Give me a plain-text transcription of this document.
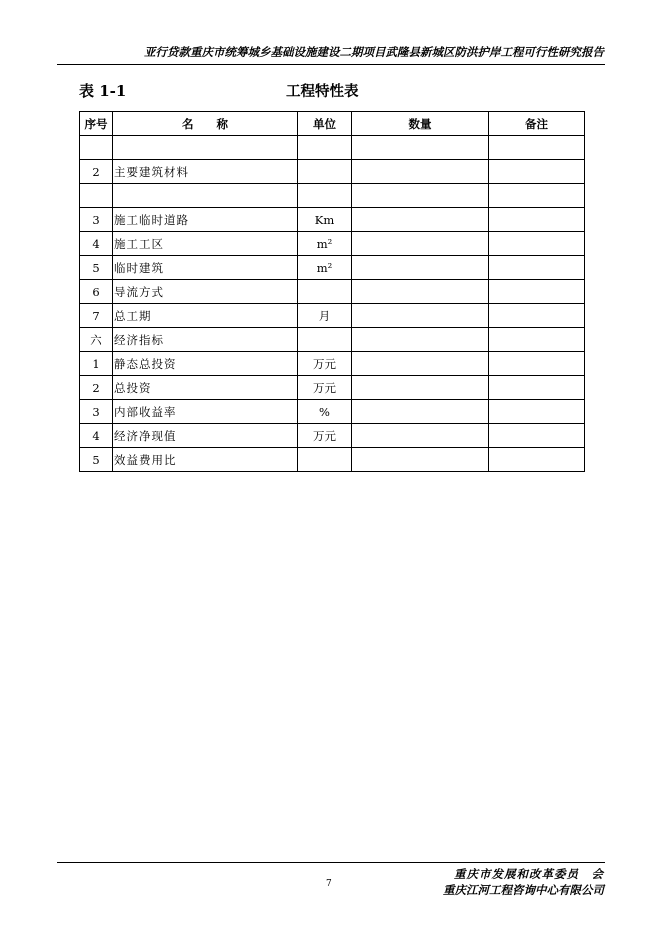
亚行贷款重庆市统筹城乡基础设施建设二期项目武隆县新城区防洪护岸工程可行性研究报告
表 1-1	工程特性表
序号	名　　称	单位	数量	备注

2	主要建筑材料			

3	施工临时道路	Km		
4	施工工区	m²		
5	临时建筑	m²		
6	导流方式			
7	总工期	月		
六	经济指标			
1	静态总投资	万元		
2	总投资	万元		
3	内部收益率	%		
4	经济净现值	万元		
5	效益费用比			
重庆市发展和改革委员　会
7	重庆江河工程咨询中心有限公司
